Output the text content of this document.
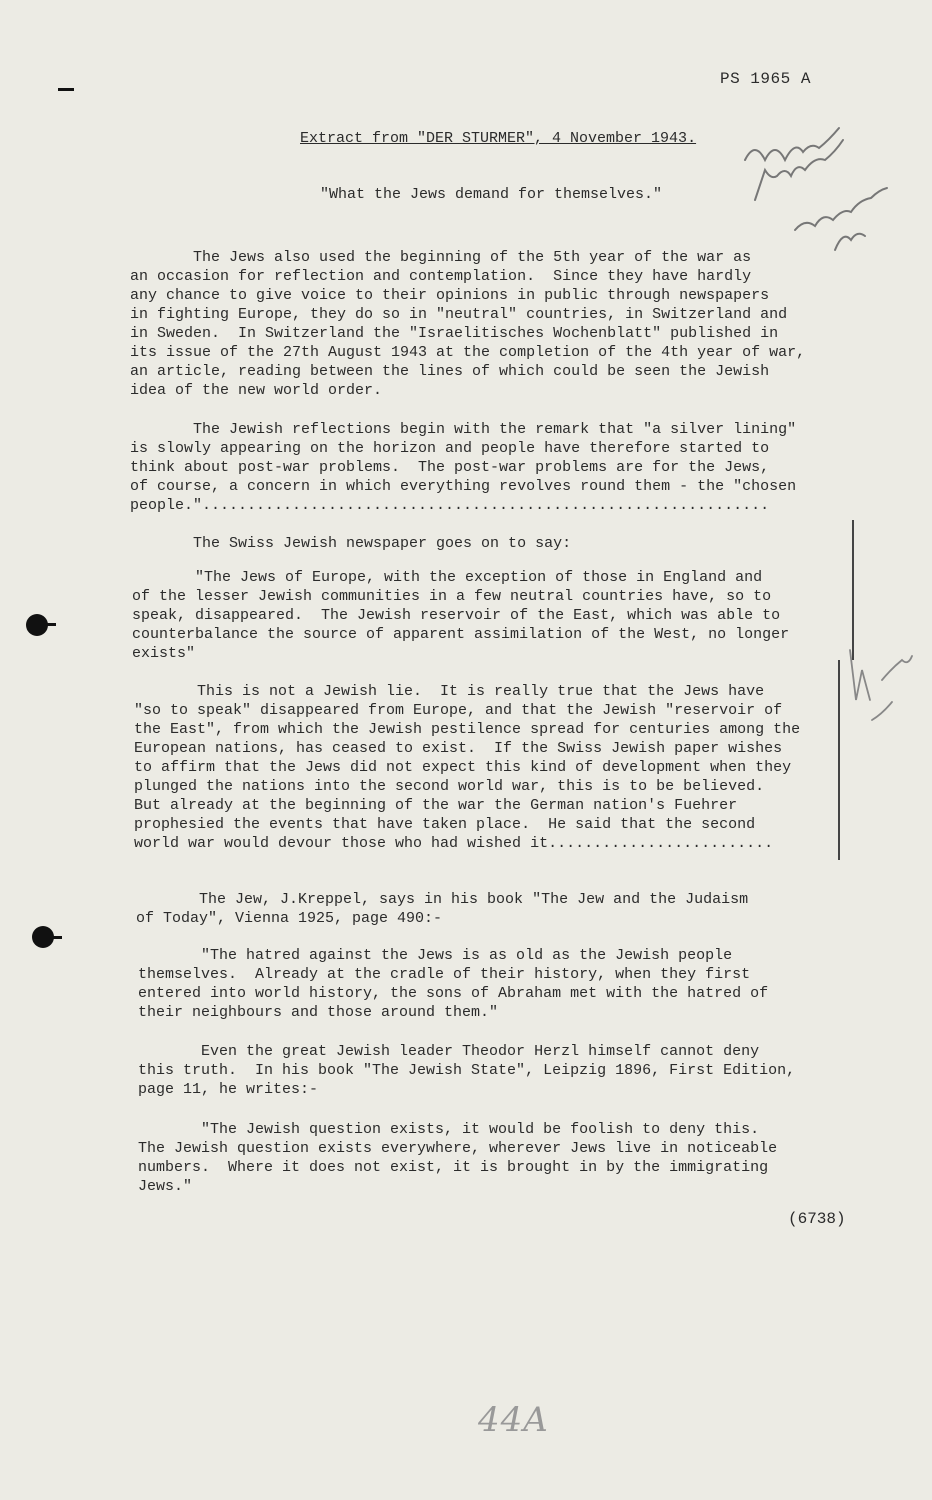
PS 1965 A
Extract from "DER STURMER", 4 November 1943.
"What the Jews demand for themselves."

The Jews also used the beginning of the 5th year of the war as
an occasion for reflection and contemplation.  Since they have hardly
any chance to give voice to their opinions in public through newspapers
in fighting Europe, they do so in "neutral" countries, in Switzerland and
in Sweden.  In Switzerland the "Israelitisches Wochenblatt" published in
its issue of the 27th August 1943 at the completion of the 4th year of war,
an article, reading between the lines of which could be seen the Jewish
idea of the new world order.

The Jewish reflections begin with the remark that "a silver lining"
is slowly appearing on the horizon and people have therefore started to
think about post-war problems.  The post-war problems are for the Jews,
of course, a concern in which everything revolves round them - the "chosen
people."...............................................................

The Swiss Jewish newspaper goes on to say:

"The Jews of Europe, with the exception of those in England and
of the lesser Jewish communities in a few neutral countries have, so to
speak, disappeared.  The Jewish reservoir of the East, which was able to
counterbalance the source of apparent assimilation of the West, no longer
exists"

This is not a Jewish lie.  It is really true that the Jews have
"so to speak" disappeared from Europe, and that the Jewish "reservoir of
the East", from which the Jewish pestilence spread for centuries among the
European nations, has ceased to exist.  If the Swiss Jewish paper wishes
to affirm that the Jews did not expect this kind of development when they
plunged the nations into the second world war, this is to be believed.
But already at the beginning of the war the German nation's Fuehrer
prophesied the events that have taken place.  He said that the second
world war would devour those who had wished it.........................

The Jew, J.Kreppel, says in his book "The Jew and the Judaism
of Today", Vienna 1925, page 490:-

"The hatred against the Jews is as old as the Jewish people
themselves.  Already at the cradle of their history, when they first
entered into world history, the sons of Abraham met with the hatred of
their neighbours and those around them."

Even the great Jewish leader Theodor Herzl himself cannot deny
this truth.  In his book "The Jewish State", Leipzig 1896, First Edition,
page 11, he writes:-

"The Jewish question exists, it would be foolish to deny this.
The Jewish question exists everywhere, wherever Jews live in noticeable
numbers.  Where it does not exist, it is brought in by the immigrating
Jews."

(6738)
44A
